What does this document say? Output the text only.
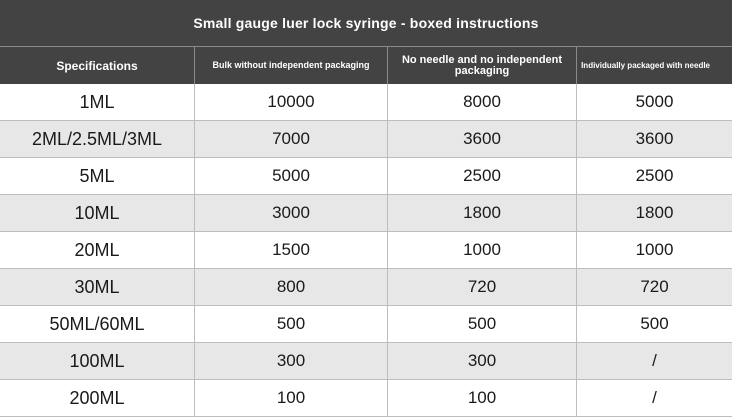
Small gauge luer lock syringe - boxed instructions
Specifications	Bulk without independent packaging	No needle and no independent packaging	Individually packaged with needle
1ML	10000	8000	5000
2ML/2.5ML/3ML	7000	3600	3600
5ML	5000	2500	2500
10ML	3000	1800	1800
20ML	1500	1000	1000
30ML	800	720	720
50ML/60ML	500	500	500
100ML	300	300	/
200ML	100	100	/
